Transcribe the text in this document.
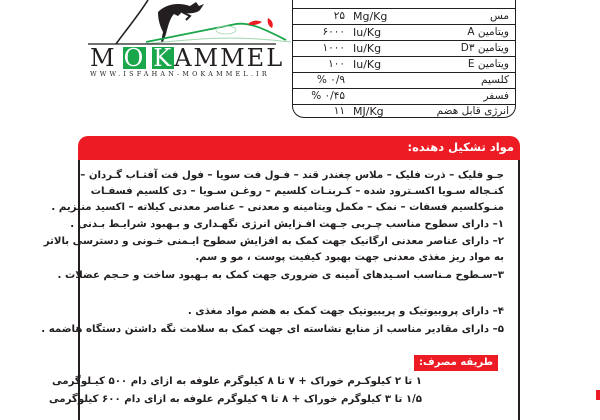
M O K AMMEL
WWW.ISFAHAN-MOKAMMEL.IR
مس
Mg/Kg
۲۵
ویتامین A
Iu/Kg
۶۰۰۰
ویتامین D۳
Iu/Kg
۱۰۰۰
ویتامین E
Iu/Kg
۱۰۰
کلسیم
% ۰/۹
فسفر
% ۰/۴۵
انرژی قابل هضم
MJ/Kg
۱۱
مواد تشکیل دهنده:
جـو فلیک – ذرت فلیک – ملاس چغندر قند – فـول فت سویا – فول فت آفتـاب گـردان –
کنـجاله سـویا اکسـترود شده – کـربنـات کلسیم – روغـن سـویا – دی کلسیم فسفـات
منـوکلسیم فسفات – نمک – مکمل ویتامینه و معدنی – عناصر معدنی کیلاته – اکسید منیزیم .
۱– دارای سطوح مناسب چـربی جـهت افـزایش انرژی نگهـداری و بـهبود شرایـط بـدنی .
۲– دارای عناصر معدنی ارگانیک جهت کمک به افزایش سطوح ایـمنی خـونی و دسترسی بالاتر
به مواد ریز مغذی معدنی جهت بهبود کیفیت پوست ، مو و سم.
۳–سـطوح مـناسب اسـیدهای آمینه ی ضروری جهت کمک به بـهبود ساخت و حـجم عضلات .
۴– دارای پروبیوتیک و پریبیوتیک جهت کمک به هضم مواد مغذی .
۵– دارای مقادیر مناسب از منابع نشاسته ای جهت کمک به سلامت نگه داشتن دستگاه هاضمه .
طریقه مصرف:
۱ تا ۲ کیلوکـرم خوراک + ۷ تا ۸ کیلوگرم علوفه به ازای دام ۵۰۰ کیـلوگرمی
۱/۵ تا ۳ کیلوگرم خوراک + ۸ تا ۹ کیلوگرم علوفه به ازای دام ۶۰۰ کیلوگرمی
